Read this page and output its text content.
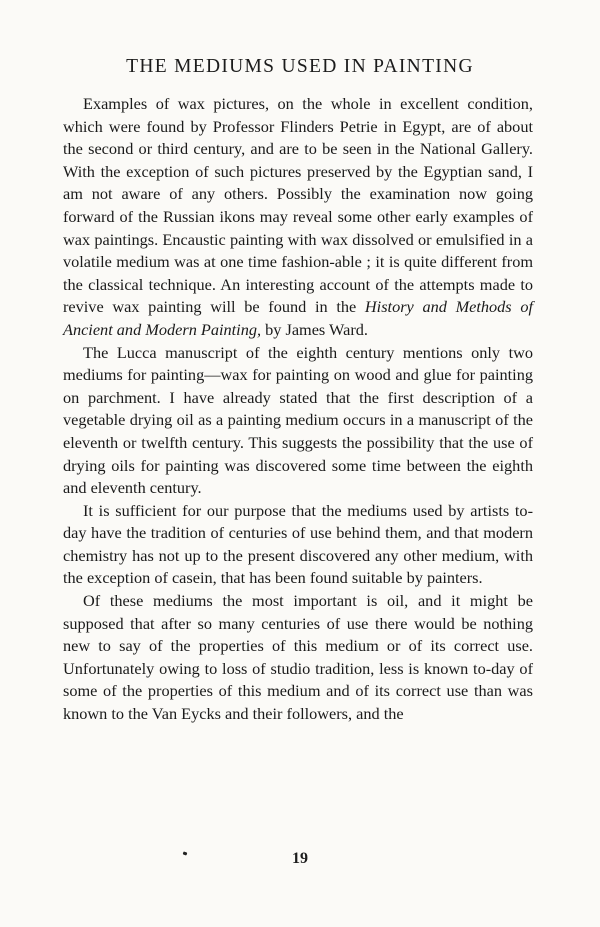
THE MEDIUMS USED IN PAINTING

Examples of wax pictures, on the whole in excellent condition, which were found by Professor Flinders Petrie in Egypt, are of about the second or third century, and are to be seen in the National Gallery. With the exception of such pictures preserved by the Egyptian sand, I am not aware of any others. Possibly the examination now going forward of the Russian ikons may reveal some other early examples of wax paintings. Encaustic painting with wax dissolved or emulsified in a volatile medium was at one time fashion-able ; it is quite different from the classical technique. An interesting account of the attempts made to revive wax painting will be found in the History and Methods of Ancient and Modern Painting, by James Ward.

The Lucca manuscript of the eighth century mentions only two mediums for painting—wax for painting on wood and glue for painting on parchment. I have already stated that the first description of a vegetable drying oil as a painting medium occurs in a manuscript of the eleventh or twelfth century. This suggests the possibility that the use of drying oils for painting was discovered some time between the eighth and eleventh century.

It is sufficient for our purpose that the mediums used by artists to-day have the tradition of centuries of use behind them, and that modern chemistry has not up to the present discovered any other medium, with the exception of casein, that has been found suitable by painters.

Of these mediums the most important is oil, and it might be supposed that after so many centuries of use there would be nothing new to say of the properties of this medium or of its correct use. Unfortunately owing to loss of studio tradition, less is known to-day of some of the properties of this medium and of its correct use than was known to the Van Eycks and their followers, and the

19
